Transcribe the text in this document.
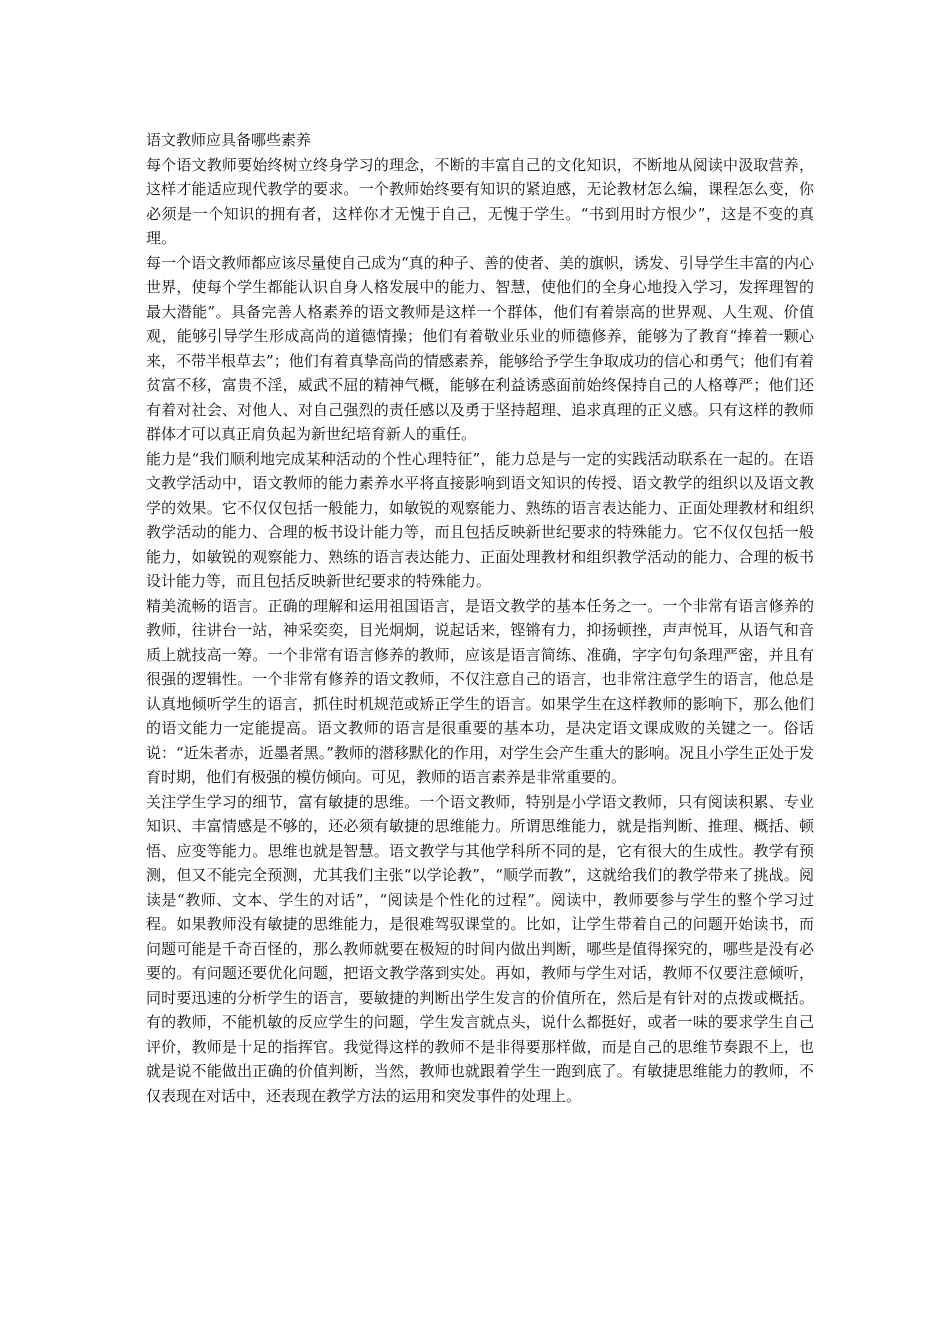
语文教师应具备哪些素养

每个语文教师要始终树立终身学习的理念，不断的丰富自己的文化知识，不断地从阅读中汲取营养，这样才能适应现代教学的要求。一个教师始终要有知识的紧迫感，无论教材怎么编，课程怎么变，你必须是一个知识的拥有者，这样你才无愧于自己，无愧于学生。“书到用时方恨少”，这是不变的真理。

每一个语文教师都应该尽量使自己成为“真的种子、善的使者、美的旗帜，诱发、引导学生丰富的内心世界，使每个学生都能认识自身人格发展中的能力、智慧，使他们的全身心地投入学习，发挥理智的最大潜能”。具备完善人格素养的语文教师是这样一个群体，他们有着崇高的世界观、人生观、价值观，能够引导学生形成高尚的道德情操；他们有着敬业乐业的师德修养，能够为了教育“捧着一颗心来，不带半根草去”；他们有着真挚高尚的情感素养，能够给予学生争取成功的信心和勇气；他们有着贫富不移，富贵不淫，威武不屈的精神气概，能够在利益诱惑面前始终保持自己的人格尊严；他们还有着对社会、对他人、对自己强烈的责任感以及勇于坚持超理、追求真理的正义感。只有这样的教师群体才可以真正肩负起为新世纪培育新人的重任。

能力是“我们顺利地完成某种活动的个性心理特征”，能力总是与一定的实践活动联系在一起的。在语文教学活动中，语文教师的能力素养水平将直接影响到语文知识的传授、语文教学的组织以及语文教学的效果。它不仅仅包括一般能力，如敏锐的观察能力、熟练的语言表达能力、正面处理教材和组织教学活动的能力、合理的板书设计能力等，而且包括反映新世纪要求的特殊能力。它不仅仅包括一般能力，如敏锐的观察能力、熟练的语言表达能力、正面处理教材和组织教学活动的能力、合理的板书设计能力等，而且包括反映新世纪要求的特殊能力。

精美流畅的语言。正确的理解和运用祖国语言，是语文教学的基本任务之一。一个非常有语言修养的教师，往讲台一站，神采奕奕，目光炯炯，说起话来，铿锵有力，抑扬顿挫，声声悦耳，从语气和音质上就技高一筹。一个非常有语言修养的教师，应该是语言简练、准确，字字句句条理严密，并且有很强的逻辑性。一个非常有修养的语文教师，不仅注意自己的语言，也非常注意学生的语言，他总是认真地倾听学生的语言，抓住时机规范或矫正学生的语言。如果学生在这样教师的影响下，那么他们的语文能力一定能提高。语文教师的语言是很重要的基本功，是决定语文课成败的关键之一。俗话说：“近朱者赤，近墨者黑。”教师的潜移默化的作用，对学生会产生重大的影响。况且小学生正处于发育时期，他们有极强的模仿倾向。可见，教师的语言素养是非常重要的。

关注学生学习的细节，富有敏捷的思维。一个语文教师，特别是小学语文教师，只有阅读积累、专业知识、丰富情感是不够的，还必须有敏捷的思维能力。所谓思维能力，就是指判断、推理、概括、顿悟、应变等能力。思维也就是智慧。语文教学与其他学科所不同的是，它有很大的生成性。教学有预测，但又不能完全预测，尤其我们主张“以学论教”，“顺学而教”，这就给我们的教学带来了挑战。阅读是“教师、文本、学生的对话”，“阅读是个性化的过程”。阅读中，教师要参与学生的整个学习过程。如果教师没有敏捷的思维能力，是很难驾驭课堂的。比如，让学生带着自己的问题开始读书，而问题可能是千奇百怪的，那么教师就要在极短的时间内做出判断，哪些是值得探究的，哪些是没有必要的。有问题还要优化问题，把语文教学落到实处。再如，教师与学生对话，教师不仅要注意倾听，同时要迅速的分析学生的语言，要敏捷的判断出学生发言的价值所在，然后是有针对的点拨或概括。有的教师，不能机敏的反应学生的问题，学生发言就点头，说什么都挺好，或者一味的要求学生自己评价，教师是十足的指挥官。我觉得这样的教师不是非得要那样做，而是自己的思维节奏跟不上，也就是说不能做出正确的价值判断，当然，教师也就跟着学生一跑到底了。有敏捷思维能力的教师，不仅表现在对话中，还表现在教学方法的运用和突发事件的处理上。
